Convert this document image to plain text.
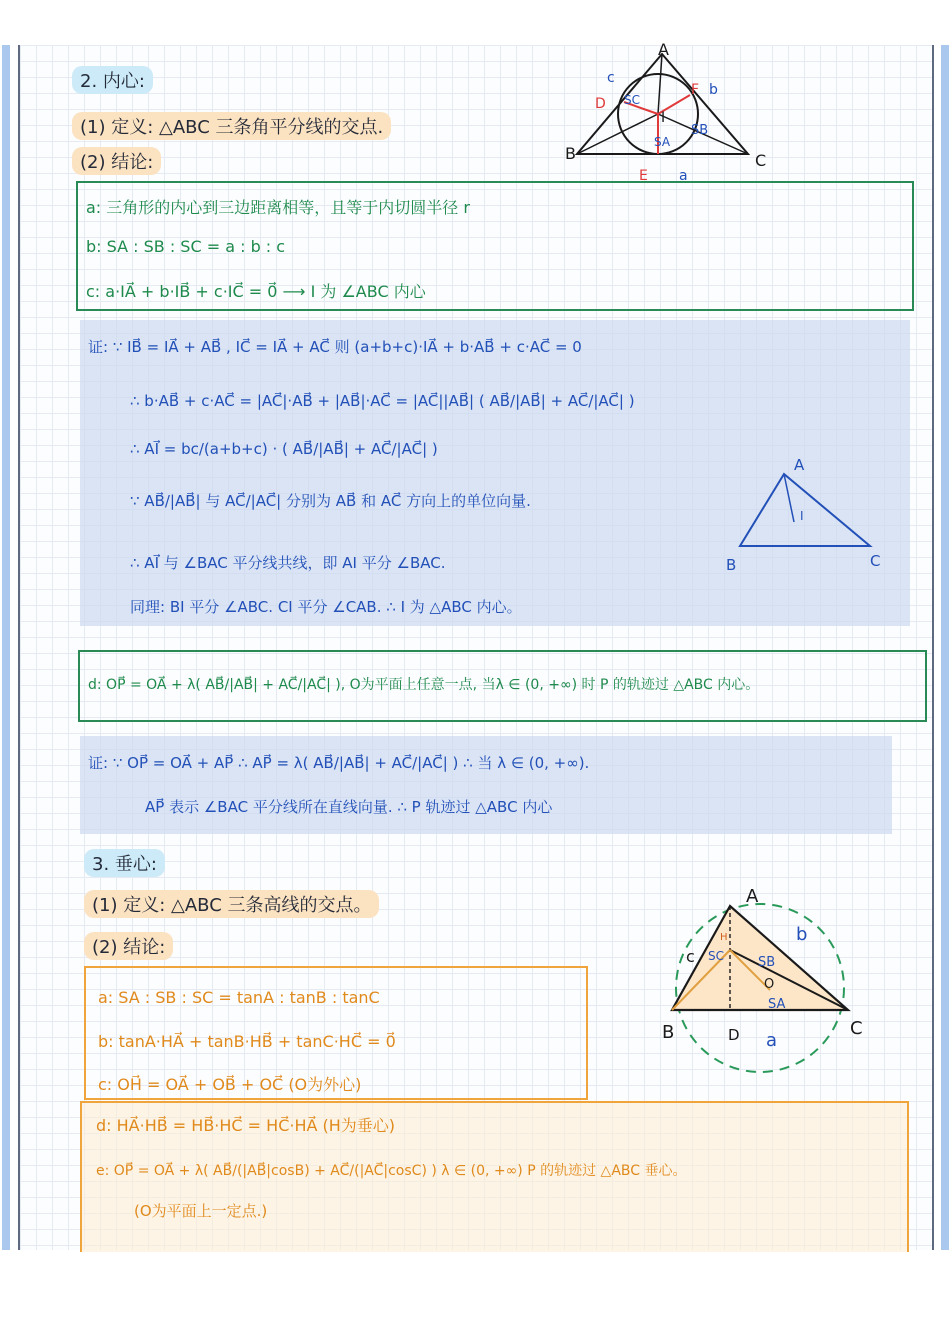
2. 内心:
(1) 定义: △ABC 三条角平分线的交点.
(2) 结论:
A
B	C
I
D
E
F
SA
SB
SC
a
b
c
a: 三角形的内心到三边距离相等，且等于内切圆半径 r
b: SA : SB : SC = a : b : c
c: a·IA⃗ + b·IB⃗ + c·IC⃗ = 0⃗ ⟶ I 为 ∠ABC 内心
证: ∵ IB⃗ = IA⃗ + AB⃗ , IC⃗ = IA⃗ + AC⃗ 则 (a+b+c)·IA⃗ + b·AB⃗ + c·AC⃗ = 0
∴ b·AB⃗ + c·AC⃗ = |AC⃗|·AB⃗ + |AB⃗|·AC⃗ = |AC⃗||AB⃗| ( AB⃗/|AB⃗| + AC⃗/|AC⃗| )
∴ AI⃗ = bc/(a+b+c) · ( AB⃗/|AB⃗| + AC⃗/|AC⃗| )
∵ AB⃗/|AB⃗| 与 AC⃗/|AC⃗| 分别为 AB⃗ 和 AC⃗ 方向上的单位向量.
∴ AI⃗ 与 ∠BAC 平分线共线，即 AI 平分 ∠BAC.
同理: BI 平分 ∠ABC. CI 平分 ∠CAB. ∴ I 为 △ABC 内心。
A
B	C
I
d: OP⃗ = OA⃗ + λ( AB⃗/|AB⃗| + AC⃗/|AC⃗| ), O为平面上任意一点, 当λ ∈ (0, +∞) 时 P 的轨迹过 △ABC 内心。
证: ∵ OP⃗ = OA⃗ + AP⃗ ∴ AP⃗ = λ( AB⃗/|AB⃗| + AC⃗/|AC⃗| ) ∴ 当 λ ∈ (0, +∞).
AP⃗ 表示 ∠BAC 平分线所在直线向量. ∴ P 轨迹过 △ABC 内心
3. 垂心:
(1) 定义: △ABC 三条高线的交点。
(2) 结论:
A
B	C
D
O
H
SA
SB
SC
a
b
c
a: SA : SB : SC = tanA : tanB : tanC
b: tanA·HA⃗ + tanB·HB⃗ + tanC·HC⃗ = 0⃗
c: OH⃗ = OA⃗ + OB⃗ + OC⃗ (O为外心)
d: HA⃗·HB⃗ = HB⃗·HC⃗ = HC⃗·HA⃗ (H为垂心)
e: OP⃗ = OA⃗ + λ( AB⃗/(|AB⃗|cosB) + AC⃗/(|AC⃗|cosC) ) λ ∈ (0, +∞) P 的轨迹过 △ABC 垂心。
(O为平面上一定点.)
